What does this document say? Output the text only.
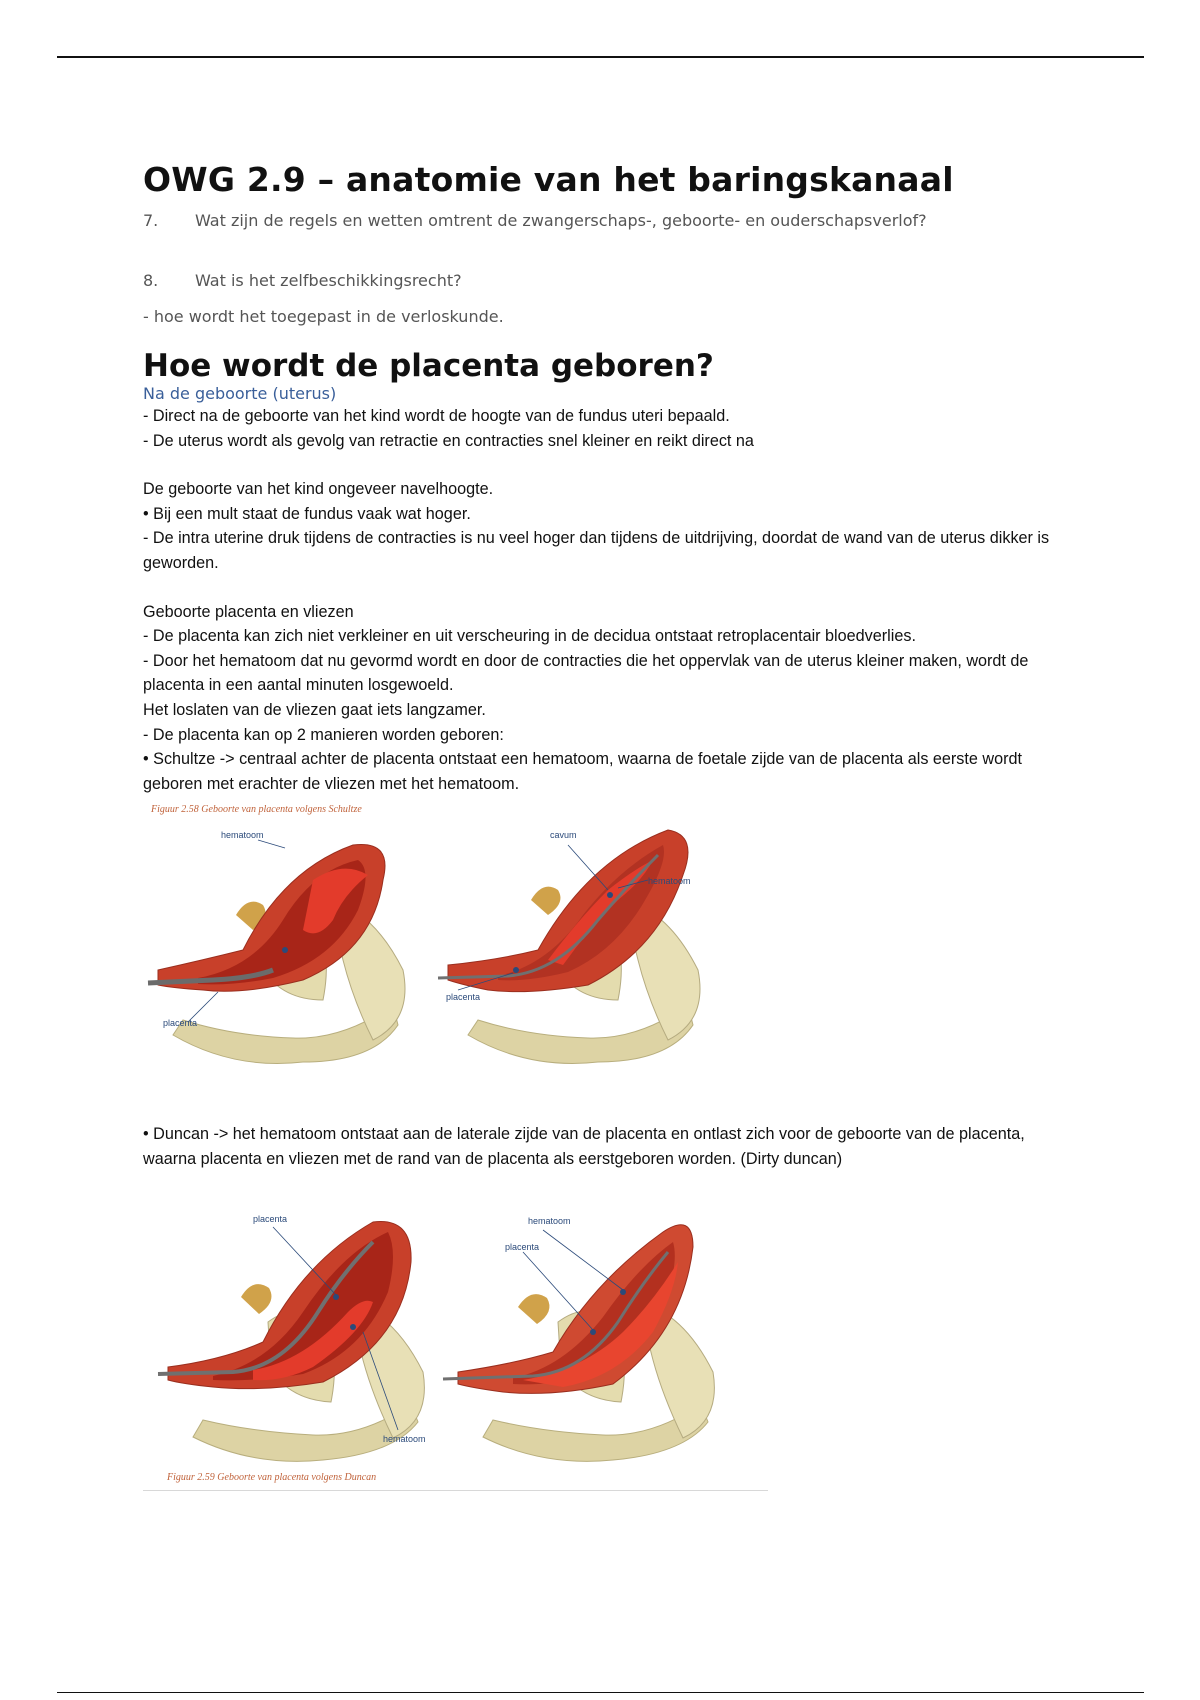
OWG 2.9 – anatomie van het baringskanaal
7. Wat zijn de regels en wetten omtrent de zwangerschaps-, geboorte- en ouderschapsverlof?
8. Wat is het zelfbeschikkingsrecht?
- hoe wordt het toegepast in de verloskunde.
Hoe wordt de placenta geboren?
Na de geboorte (uterus)
- Direct na de geboorte van het kind wordt de hoogte van de fundus uteri bepaald.
- De uterus wordt als gevolg van retractie en contracties snel kleiner en reikt direct na
De geboorte van het kind ongeveer navelhoogte.
• Bij een mult staat de fundus vaak wat hoger.
- De intra uterine druk tijdens de contracties is nu veel hoger dan tijdens de uitdrijving, doordat de wand van de uterus dikker is geworden.
Geboorte placenta en vliezen
- De placenta kan zich niet verkleiner en uit verscheuring in de decidua ontstaat retroplacentair bloedverlies.
- Door het hematoom dat nu gevormd wordt en door de contracties die het oppervlak van de uterus kleiner maken, wordt de placenta in een aantal minuten losgewoeld.
Het loslaten van de vliezen gaat iets langzamer.
- De placenta kan op 2 manieren worden geboren:
• Schultze -> centraal achter de placenta ontstaat een hematoom, waarna de foetale zijde van de placenta als eerste wordt geboren met erachter de vliezen met het hematoom.
Figuur 2.58 Geboorte van placenta volgens Schultze
hematoom
placenta
cavum
hematoom
placenta
• Duncan -> het hematoom ontstaat aan de laterale zijde van de placenta en ontlast zich voor de geboorte van de placenta, waarna placenta en vliezen met de rand van de placenta als eerstgeboren worden. (Dirty duncan)
placenta
hematoom
hematoom
placenta
Figuur 2.59 Geboorte van placenta volgens Duncan
